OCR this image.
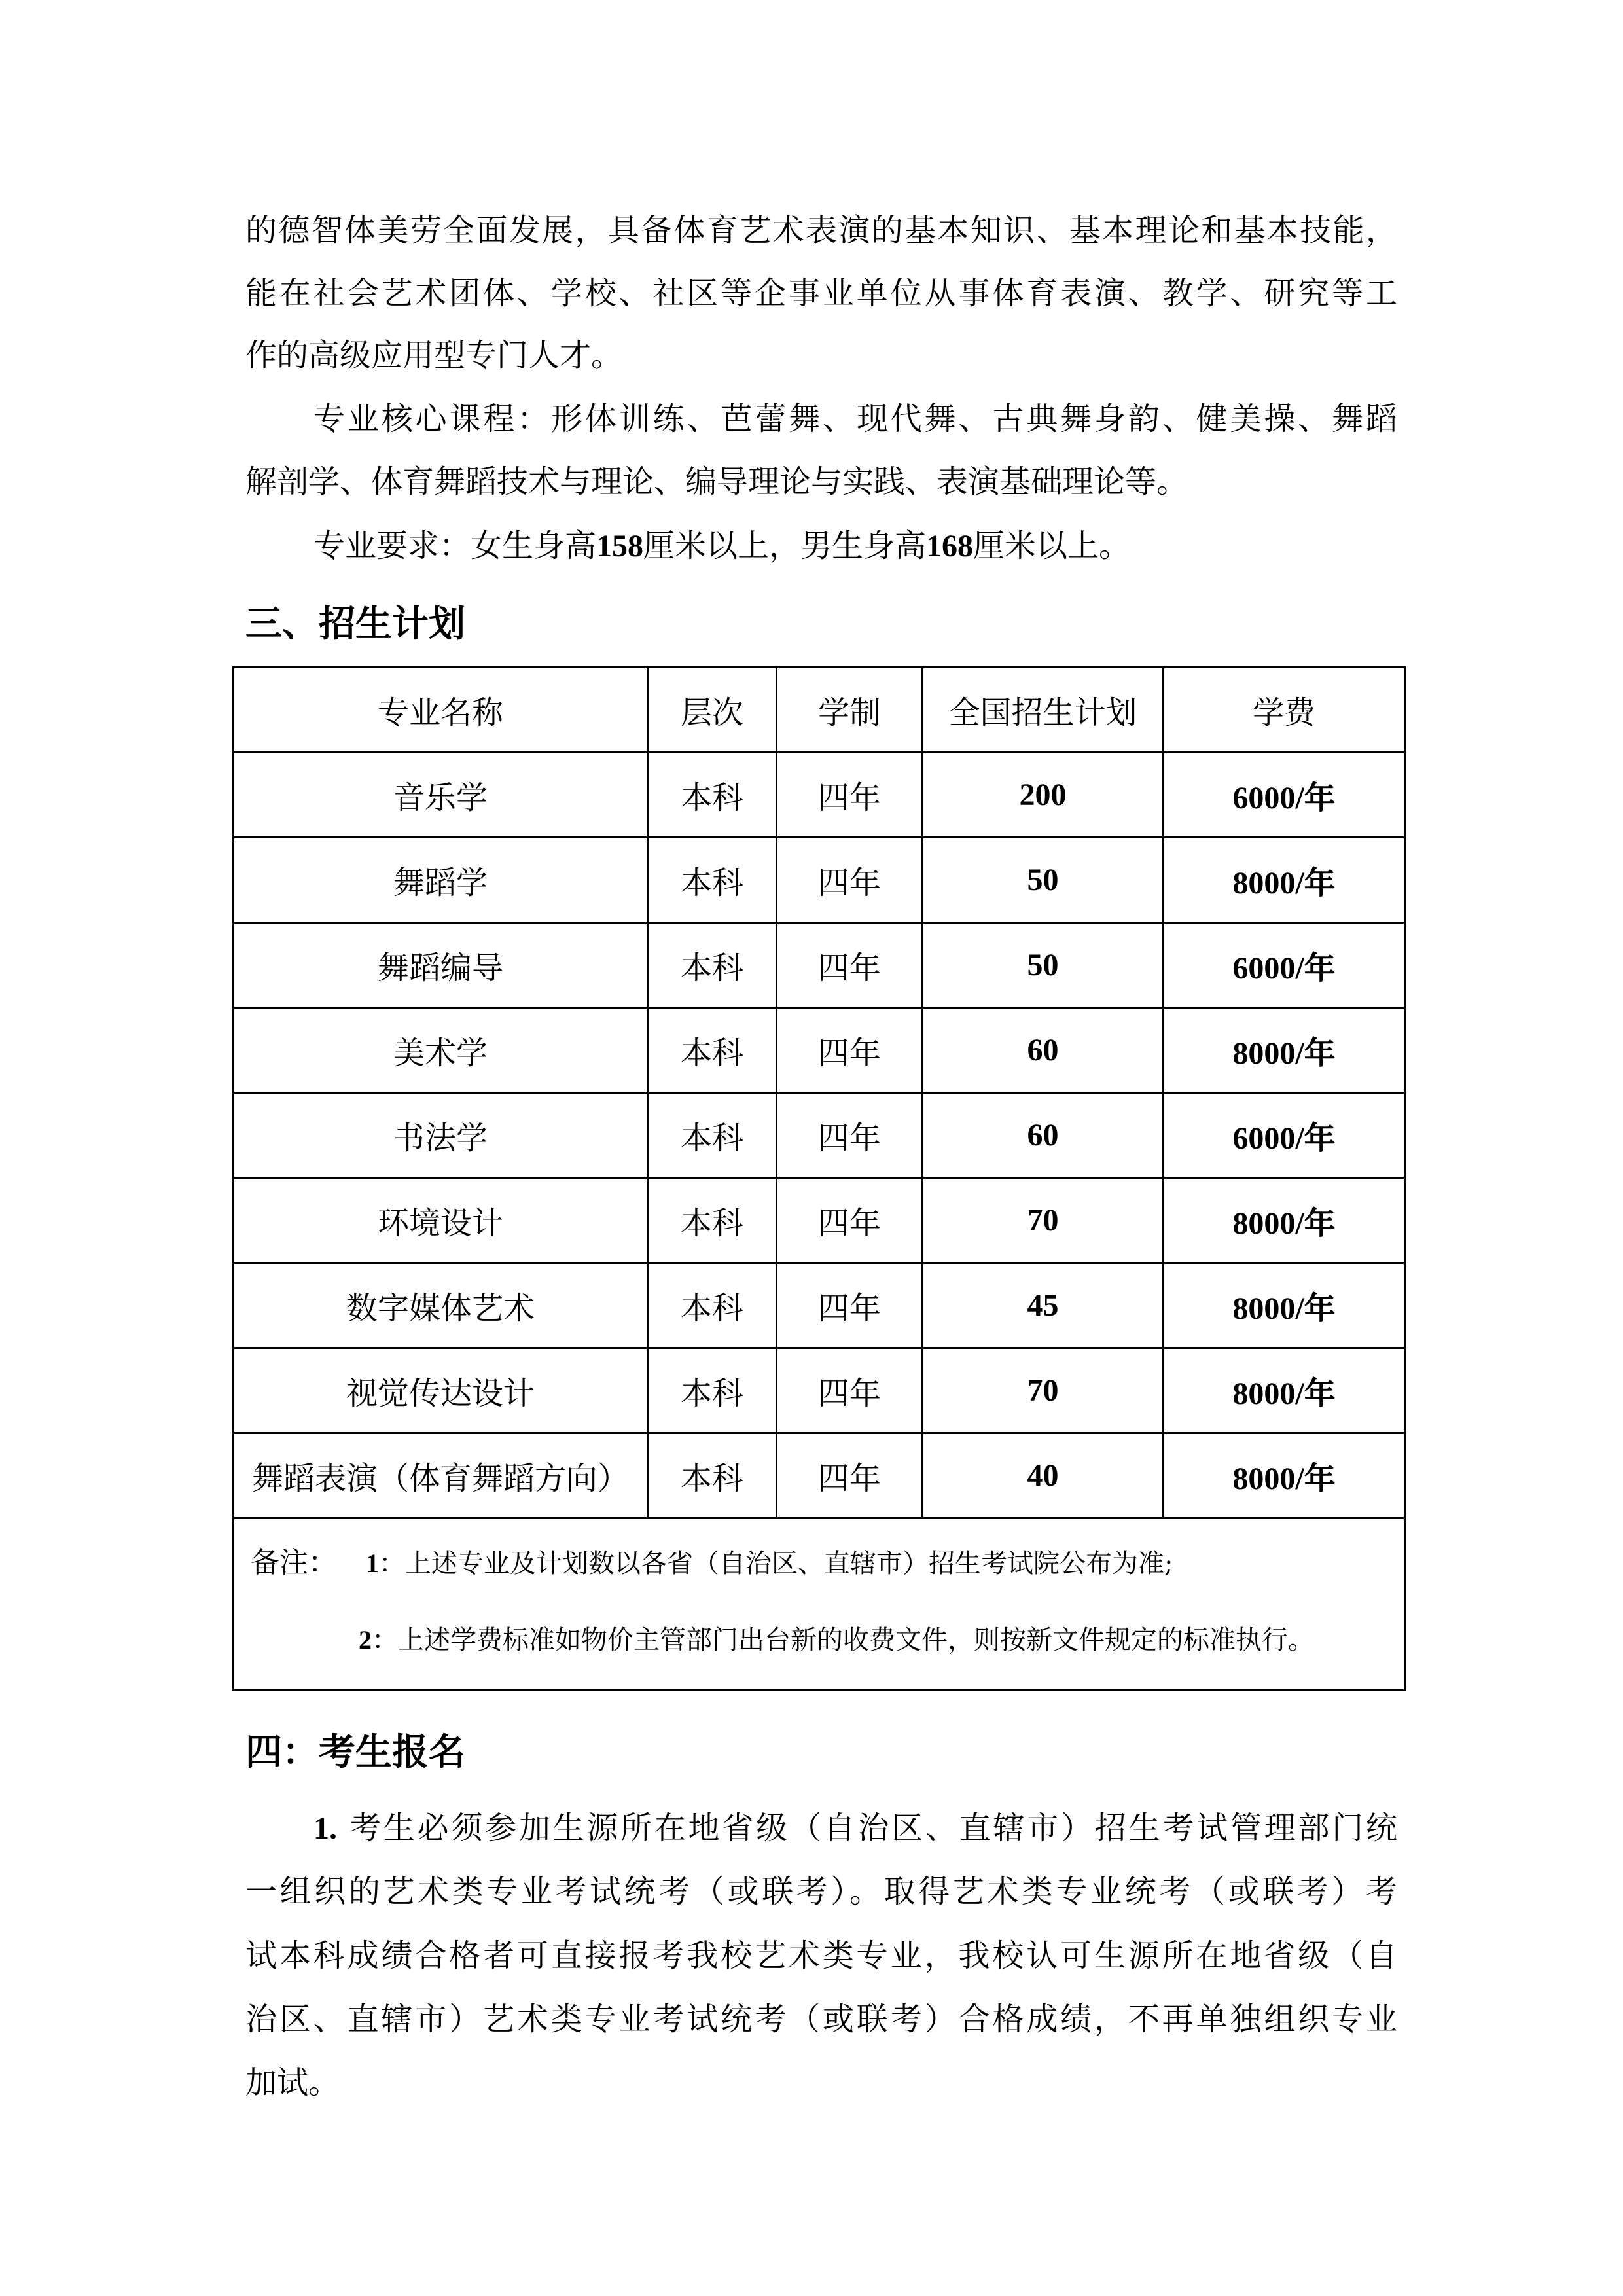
的德智体美劳全面发展，具备体育艺术表演的基本知识、基本理论和基本技能，
能在社会艺术团体、学校、社区等企事业单位从事体育表演、教学、研究等工
作的高级应用型专门人才。
专业核心课程：形体训练、芭蕾舞、现代舞、古典舞身韵、健美操、舞蹈
解剖学、体育舞蹈技术与理论、编导理论与实践、表演基础理论等。
专业要求：女生身高158厘米以上，男生身高168厘米以上。
三、招生计划
专业名称	层次	学制	全国招生计划	学费
音乐学	本科	四年	200	6000/年
舞蹈学	本科	四年	50	8000/年
舞蹈编导	本科	四年	50	6000/年
美术学	本科	四年	60	8000/年
书法学	本科	四年	60	6000/年
环境设计	本科	四年	70	8000/年
数字媒体艺术	本科	四年	45	8000/年
视觉传达设计	本科	四年	70	8000/年
舞蹈表演（体育舞蹈方向）	本科	四年	40	8000/年

备注： 1：上述专业及计划数以各省（自治区、直辖市）招生考试院公布为准;
2：上述学费标准如物价主管部门出台新的收费文件，则按新文件规定的标准执行。				
四：考生报名
1. 考生必须参加生源所在地省级（自治区、直辖市）招生考试管理部门统
一组织的艺术类专业考试统考（或联考）。取得艺术类专业统考（或联考）考
试本科成绩合格者可直接报考我校艺术类专业，我校认可生源所在地省级（自
治区、直辖市）艺术类专业考试统考（或联考）合格成绩，不再单独组织专业
加试。
